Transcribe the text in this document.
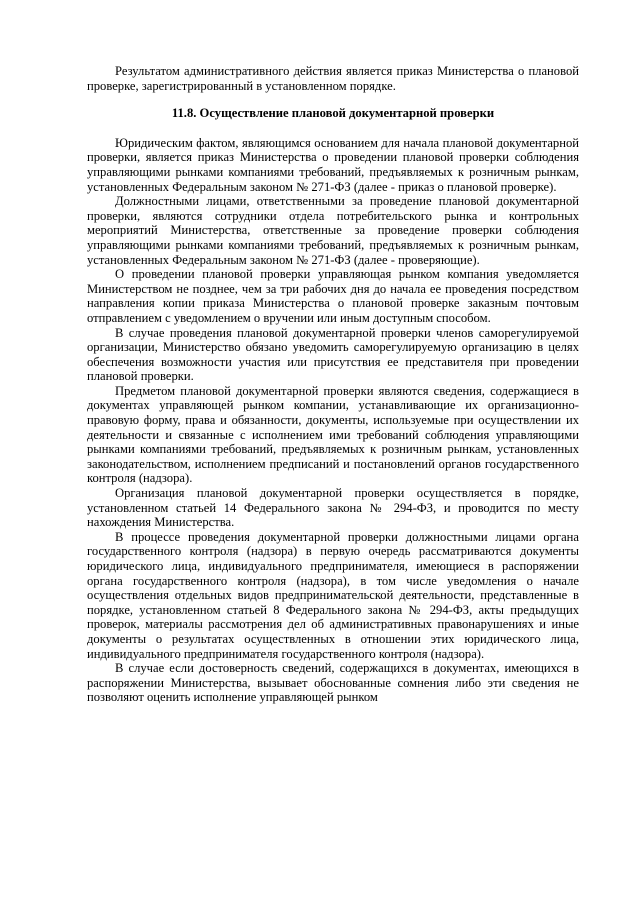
Результатом административного действия является приказ Министерства о плановой проверке, зарегистрированный в установленном порядке.

11.8. Осуществление плановой документарной проверки

Юридическим фактом, являющимся основанием для начала плановой документарной проверки, является приказ Министерства о проведении плановой проверки соблюдения управляющими рынками компаниями требований, предъявляемых к розничным рынкам, установленных Федеральным законом № 271-ФЗ (далее - приказ о плановой проверке).

Должностными лицами, ответственными за проведение плановой документарной проверки, являются сотрудники отдела потребительского рынка и контрольных мероприятий Министерства, ответственные за проведение проверки соблюдения управляющими рынками компаниями требований, предъявляемых к розничным рынкам, установленных Федеральным законом № 271-ФЗ (далее - проверяющие).

О проведении плановой проверки управляющая рынком компания уведомляется Министерством не позднее, чем за три рабочих дня до начала ее проведения посредством направления копии приказа Министерства о плановой проверке заказным почтовым отправлением с уведомлением о вручении или иным доступным способом.

В случае проведения плановой документарной проверки членов саморегулируемой организации, Министерство обязано уведомить саморегулируемую организацию в целях обеспечения возможности участия или присутствия ее представителя при проведении плановой проверки.

Предметом плановой документарной проверки являются сведения, содержащиеся в документах управляющей рынком компании, устанавливающие их организационно-правовую форму, права и обязанности, документы, используемые при осуществлении их деятельности и связанные с исполнением ими требований соблюдения управляющими рынками компаниями требований, предъявляемых к розничным рынкам, установленных законодательством, исполнением предписаний и постановлений органов государственного контроля (надзора).

Организация плановой документарной проверки осуществляется в порядке, установленном статьей 14 Федерального закона № 294-ФЗ, и проводится по месту нахождения Министерства.

В процессе проведения документарной проверки должностными лицами органа государственного контроля (надзора) в первую очередь рассматриваются документы юридического лица, индивидуального предпринимателя, имеющиеся в распоряжении органа государственного контроля (надзора), в том числе уведомления о начале осуществления отдельных видов предпринимательской деятельности, представленные в порядке, установленном статьей 8 Федерального закона № 294-ФЗ, акты предыдущих проверок, материалы рассмотрения дел об административных правонарушениях и иные документы о результатах осуществленных в отношении этих юридического лица, индивидуального предпринимателя государственного контроля (надзора).

В случае если достоверность сведений, содержащихся в документах, имеющихся в распоряжении Министерства, вызывает обоснованные сомнения либо эти сведения не позволяют оценить исполнение управляющей рынком
